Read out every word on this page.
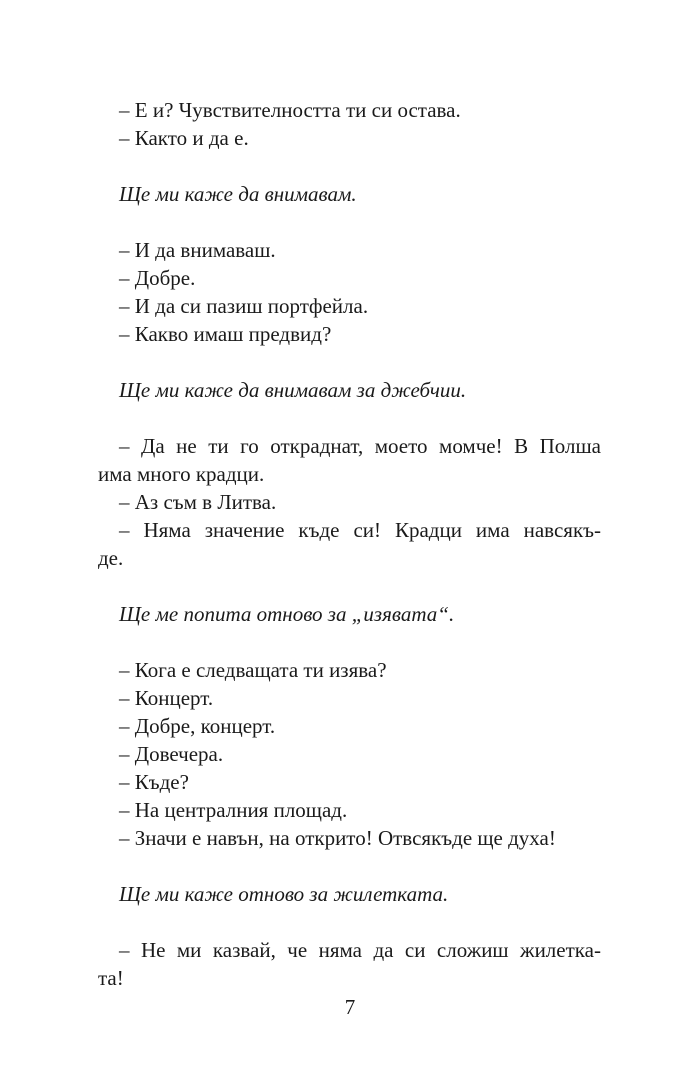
– Е и? Чувствителността ти си остава.
– Както и да е.
Ще ми каже да внимавам.
– И да внимаваш.
– Добре.
– И да си пазиш портфейла.
– Какво имаш предвид?
Ще ми каже да внимавам за джебчии.
– Да не ти го откраднат, моето момче! В Полша
има много крадци.
– Аз съм в Литва.
– Няма значение къде си! Крадци има навсякъ-
де.
Ще ме попита отново за „изявата“.
– Кога е следващата ти изява?
– Концерт.
– Добре, концерт.
– Довечера.
– Къде?
– На централния площад.
– Значи е навън, на открито! Отвсякъде ще духа!
Ще ми каже отново за жилетката.
– Не ми казвай, че няма да си сложиш жилетка-
та!
7
